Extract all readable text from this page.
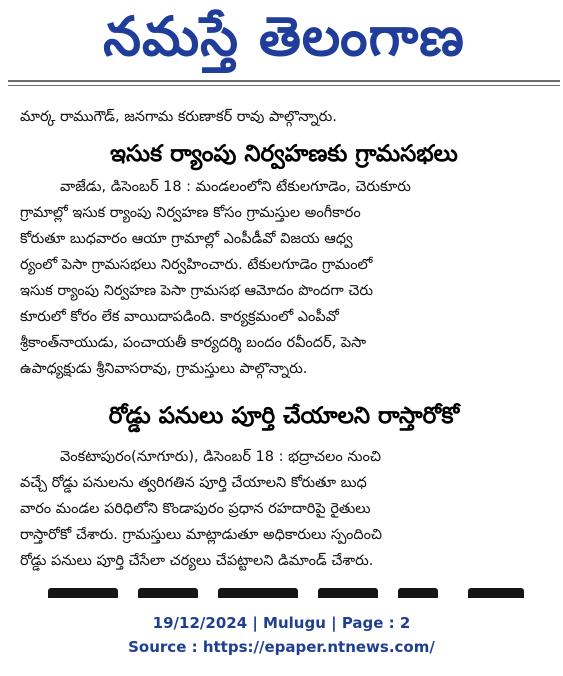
నమస్తే తెలంగాణ
మార్క రాముగౌడ్, జనగామ కరుణాకర్ రావు పాల్గొన్నారు.
ఇసుక ర్యాంపు నిర్వహణకు గ్రామసభలు
వాజేడు, డిసెంబర్ 18 : మండలంలోని టేకులగూడెం, చెరుకూరు
గ్రామాల్లో ఇసుక ర్యాంపు నిర్వహణ కోసం గ్రామస్తుల అంగీకారం
కోరుతూ బుధవారం ఆయా గ్రామాల్లో ఎంపీడీవో విజయ ఆధ్వ
ర్యంలో పెసా గ్రామసభలు నిర్వహించారు. టేకులగూడెం గ్రామంలో
ఇసుక ర్యాంపు నిర్వహణ పెసా గ్రామసభ ఆమోదం పొందగా చెరు
కూరులో కోరం లేక వాయిదాపడింది. కార్యక్రమంలో ఎంపీవో
శ్రీకాంత్‌నాయుడు, పంచాయతీ కార్యదర్శి బందం రవీందర్, పెసా
ఉపాధ్యక్షుడు శ్రీనివాసరావు, గ్రామస్తులు పాల్గొన్నారు.
రోడ్డు పనులు పూర్తి చేయాలని రాస్తారోకో
వెంకటాపురం(నూగూరు), డిసెంబర్ 18 : భద్రాచలం నుంచి
వచ్చే రోడ్డు పనులను త్వరిగతిన పూర్తి చేయాలని కోరుతూ బుధ
వారం మండల పరిధిలోని కొండాపురం ప్రధాన రహదారిపై రైతులు
రాస్తారోకో చేశారు. గ్రామస్తులు మాట్లాడుతూ అధికారులు స్పందించి
రోడ్డు పనులు పూర్తి చేసేలా చర్యలు చేపట్టాలని డిమాండ్ చేశారు.
19/12/2024 | Mulugu | Page : 2
Source : https://epaper.ntnews.com/
